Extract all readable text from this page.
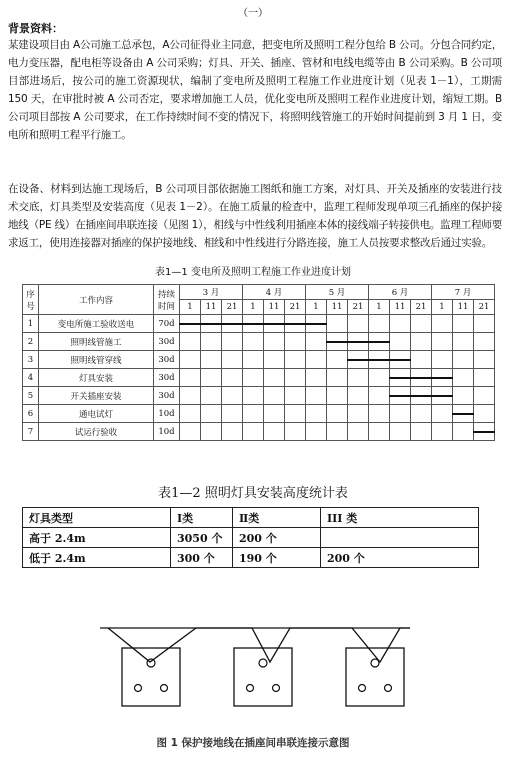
（一）
背景资料：
某建设项目由 A公司施工总承包，A公司征得业主同意，把变电所及照明工程分包给 B 公司。分包合同约定，电力变压器，配电柜等设备由 A 公司采购；灯具、开关、插座、管材和电线电缆等由 B 公司采购。B 公司项目部进场后，按公司的施工资源现状，编制了变电所及照明工程施工作业进度计划（见表 1－1），工期需 150 天，在审批时被 A 公司否定，要求增加施工人员，优化变电所及照明工程作业进度计划，缩短工期。B 公司项目部按 A 公司要求，在工作持续时间不变的情况下，将照明线管施工的开始时间提前到 3 月 1 日，变电所和照明工程平行施工。
在设备、材料到达施工现场后，B 公司项目部依据施工图纸和施工方案，对灯具、开关及插座的安装进行技术交底，灯具类型及安装高度（见表 1－2）。在施工质量的检查中，监理工程师发现单项三孔插座的保护接地线（PE 线）在插座间串联连接（见图 1），相线与中性线利用插座本体的接线端子转接供电。监理工程师要求返工，使用连接器对插座的保护接地线、相线和中性线进行分路连接，施工人员按要求整改后通过实验。
表1—1 变电所及照明工程施工作业进度计划
序
号	工作内容	持续
时间	3 月			4 月			5 月			6 月			7 月		
			1	11	21	1	11	21	1	11	21	1	11	21	1	11	21
1	变电所施工验收送电	70d	

2	照明线管施工	30d								

3	照明线管穿线	30d									

4	灯具安装	30d											

5	开关插座安装	30d											

6	通电试灯	10d														

7	试运行验收	10d															
表1—2 照明灯具安装高度统计表
灯具类型	Ⅰ类	Ⅱ类	III 类
高于 2.4m	3050 个	200 个	
低于 2.4m	300 个	190 个	200 个
图 1 保护接地线在插座间串联连接示意图
